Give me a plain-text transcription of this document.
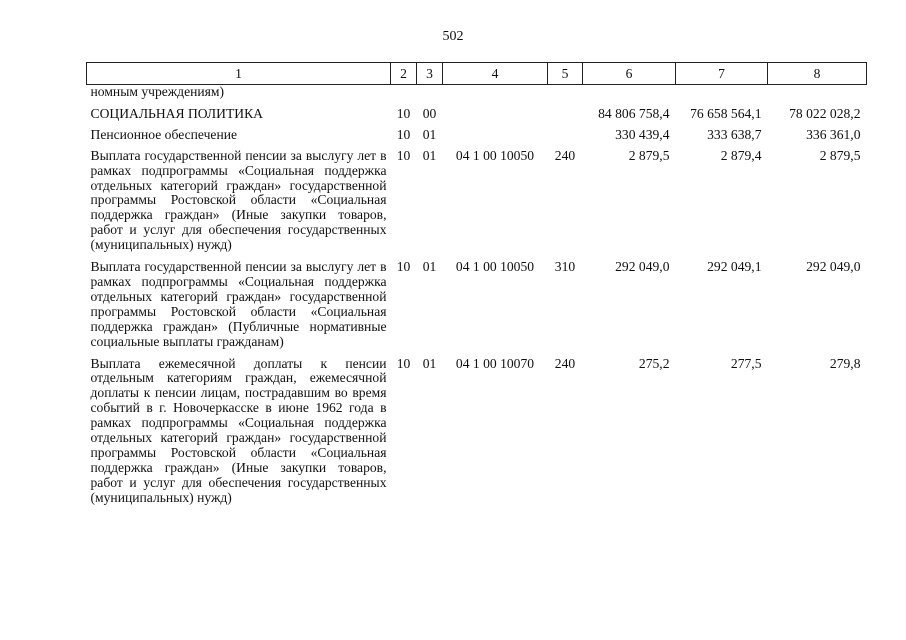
502
1	2	3	4	5	6	7	8
номным учреждениям)							
СОЦИАЛЬНАЯ ПОЛИТИКА	10	00			84 806 758,4	76 658 564,1	78 022 028,2
Пенсионное обеспечение	10	01			330 439,4	333 638,7	336 361,0
Выплата государственной пенсии за выслугу лет в рамках подпрограммы «Социальная поддержка отдельных категорий граждан» государственной программы Ростовской области «Социальная поддержка граждан» (Иные закупки товаров, работ и услуг для обеспечения государственных (муниципальных) нужд)	10	01	04 1 00 10050	240	2 879,5	2 879,4	2 879,5
Выплата государственной пенсии за выслугу лет в рамках подпрограммы «Социальная поддержка отдельных категорий граждан» государственной программы Ростовской области «Социальная поддержка граждан» (Публичные нормативные социальные выплаты гражданам)	10	01	04 1 00 10050	310	292 049,0	292 049,1	292 049,0
Выплата ежемесячной доплаты к пенсии отдельным категориям граждан, ежемесячной доплаты к пенсии лицам, пострадавшим во время событий в г. Новочеркасске в июне 1962 года в рамках подпрограммы «Социальная поддержка отдельных категорий граждан» государственной программы Ростовской области «Социальная поддержка граждан» (Иные закупки товаров, работ и услуг для обеспечения государственных (муниципальных) нужд)	10	01	04 1 00 10070	240	275,2	277,5	279,8
